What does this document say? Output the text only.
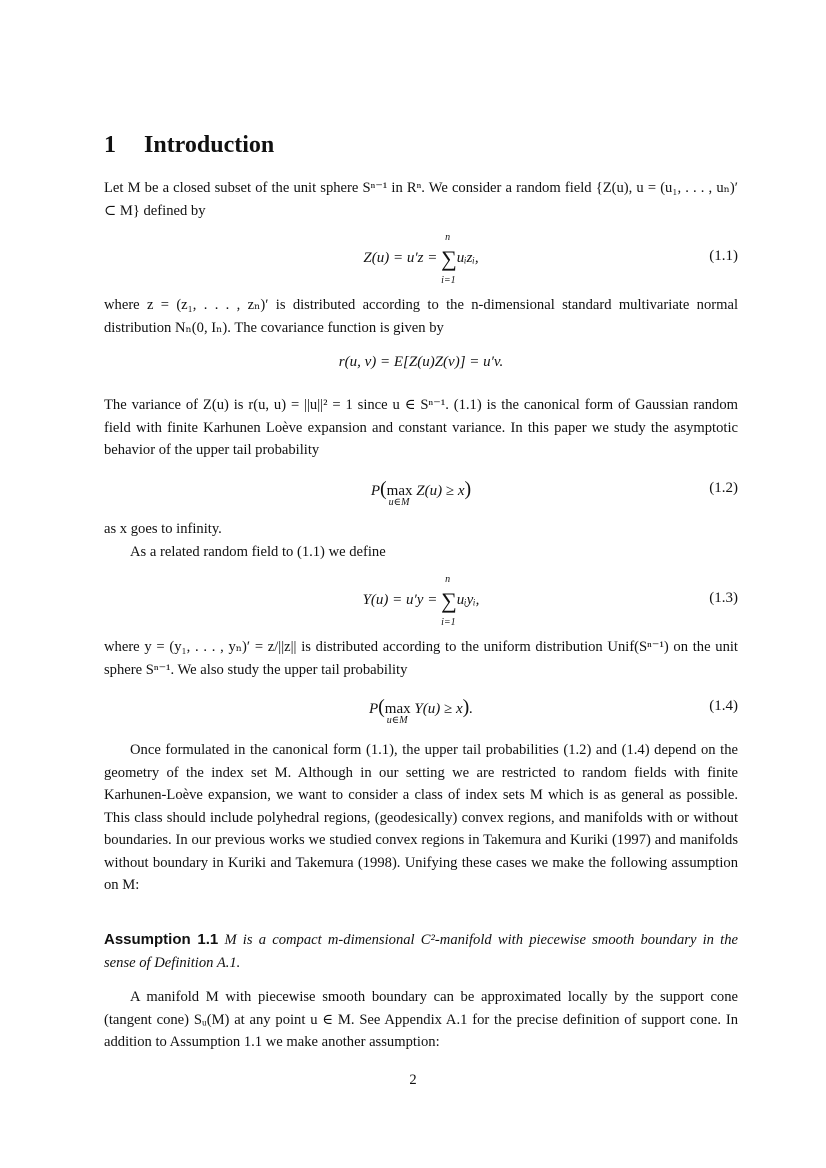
1 Introduction
Let M be a closed subset of the unit sphere Sⁿ⁻¹ in Rⁿ. We consider a random field {Z(u), u = (u₁, . . . , uₙ)′ ⊂ M} defined by
Z(u) = u′z = ∑
n
i=1
uᵢzᵢ,	(1.1)
where z = (z₁, . . . , zₙ)′ is distributed according to the n-dimensional standard multivariate normal distribution Nₙ(0, Iₙ). The covariance function is given by
r(u, v) = E[Z(u)Z(v)] = u′v.
The variance of Z(u) is r(u, u) = ||u||² = 1 since u ∈ Sⁿ⁻¹. (1.1) is the canonical form of Gaussian random field with finite Karhunen Loève expansion and constant variance. In this paper we study the asymptotic behavior of the upper tail probability
P(max
u∈M
Z(u) ≥ x)	(1.2)
as x goes to infinity.
As a related random field to (1.1) we define
Y(u) = u′y = ∑
n
i=1
uᵢyᵢ,	(1.3)
where y = (y₁, . . . , yₙ)′ = z/||z|| is distributed according to the uniform distribution Unif(Sⁿ⁻¹) on the unit sphere Sⁿ⁻¹. We also study the upper tail probability
P(max
u∈M
Y(u) ≥ x).	(1.4)
Once formulated in the canonical form (1.1), the upper tail probabilities (1.2) and (1.4) depend on the geometry of the index set M. Although in our setting we are restricted to random fields with finite Karhunen-Loève expansion, we want to consider a class of index sets M which is as general as possible. This class should include polyhedral regions, (geodesically) convex regions, and manifolds with or without boundaries. In our previous works we studied convex regions in Takemura and Kuriki (1997) and manifolds without boundary in Kuriki and Takemura (1998). Unifying these cases we make the following assumption on M:
Assumption 1.1 M is a compact m-dimensional C²-manifold with piecewise smooth boundary in the sense of Definition A.1.
A manifold M with piecewise smooth boundary can be approximated locally by the support cone (tangent cone) Sᵤ(M) at any point u ∈ M. See Appendix A.1 for the precise definition of support cone. In addition to Assumption 1.1 we make another assumption:
2
